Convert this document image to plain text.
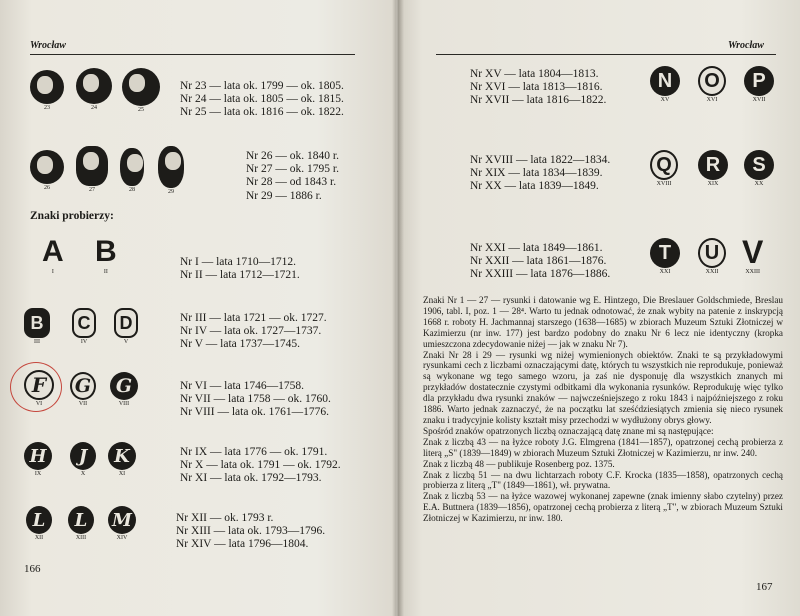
Wrocław
23	24	25
Nr 23 — lata ok. 1799 — ok. 1805.
Nr 24 — lata ok. 1805 — ok. 1815.
Nr 25 — lata ok. 1816 — ok. 1822.
26	27	28	29
Nr 26 — ok. 1840 r.
Nr 27 — ok. 1795 r.
Nr 28 — od 1843 r.
Nr 29 — 1886 r.
Znaki probierzy:
A
I
B
II
Nr I — lata 1710—1712.
Nr II — lata 1712—1721.
B
III
C
IV
D
V
Nr III — lata 1721 — ok. 1727.
Nr IV — lata ok. 1727—1737.
Nr V — lata 1737—1745.
F
VI
G
VII
G
VIII
Nr VI — lata 1746—1758.
Nr VII — lata 1758 — ok. 1760.
Nr VIII — lata ok. 1761—1776.
H
IX
J
X
K
XI
Nr IX — lata 1776 — ok. 1791.
Nr X — lata ok. 1791 — ok. 1792.
Nr XI — lata ok. 1792—1793.
L
XII
L
XIII
M
XIV
Nr XII — ok. 1793 r.
Nr XIII — lata ok. 1793—1796.
Nr XIV — lata 1796—1804.
166
Wrocław
Nr XV — lata 1804—1813.
Nr XVI — lata 1813—1816.
Nr XVII — lata 1816—1822.
N
XV
O
XVI
P
XVII
Nr XVIII — lata 1822—1834.
Nr XIX — lata 1834—1839.
Nr XX — lata 1839—1849.
Q
XVIII
R
XIX
S
XX
Nr XXI — lata 1849—1861.
Nr XXII — lata 1861—1876.
Nr XXIII — lata 1876—1886.
T
XXI
U
XXII
V
XXIII

Znaki Nr 1 — 27 — rysunki i datowanie wg E. Hintzego, Die Breslauer Goldschmiede, Breslau 1906, tabl. I, poz. 1 — 28⁴. Warto tu jednak odnotować, że znak wybity na patenie z inskrypcją 1668 r. roboty H. Jachmannaj starszego (1638—1685) w zbiorach Muzeum Sztuki Złotniczej w Kazimierzu (nr inw. 177) jest bardzo podobny do znaku Nr 6 lecz nie identyczny (kropka umieszczona zdecydowanie niżej — jak w znaku Nr 7).

Znaki Nr 28 i 29 — rysunki wg niżej wymienionych obiektów. Znaki te są przykładowymi rysunkami cech z liczbami oznaczającymi datę, których tu wszystkich nie reprodukuje, ponieważ są wykonane wg tego samego wzoru, ja zaś nie dysponuję dla wszystkich znanych mi przykładów dostatecznie czystymi odbitkami dla wykonania rysunków. Reprodukuję więc tylko dla przykładu dwa rysunki znaków — najwcześniejszego z roku 1843 i najpóźniejszego z roku 1886. Warto jednak zaznaczyć, że na początku lat sześćdziesiątych zmienia się nieco rysunek znaku i tradycyjnie kolisty kształt misy przechodzi w wydłużony obrys głowy.

Spośród znaków opatrzonych liczbą oznaczającą datę znane mi są następujące:

Znak z liczbą 43 — na łyżce roboty J.G. Elmgrena (1841—1857), opatrzonej cechą probierza z literą „S" (1839—1849) w zbiorach Muzeum Sztuki Złotniczej w Kazimierzu, nr inw. 240.

Znak z liczbą 48 — publikuje Rosenberg poz. 1375.

Znak z liczbą 51 — na dwu lichtarzach roboty C.F. Krocka (1835—1858), opatrzonych cechą probierza z literą „T" (1849—1861), wł. prywatna.

Znak z liczbą 53 — na łyżce wazowej wykonanej zapewne (znak imienny słabo czytelny) przez E.A. Buttnera (1839—1856), opatrzonej cechą probierza z literą „T", w zbiorach Muzeum Sztuki Złotniczej w Kazimierzu, nr inw. 180.

167
